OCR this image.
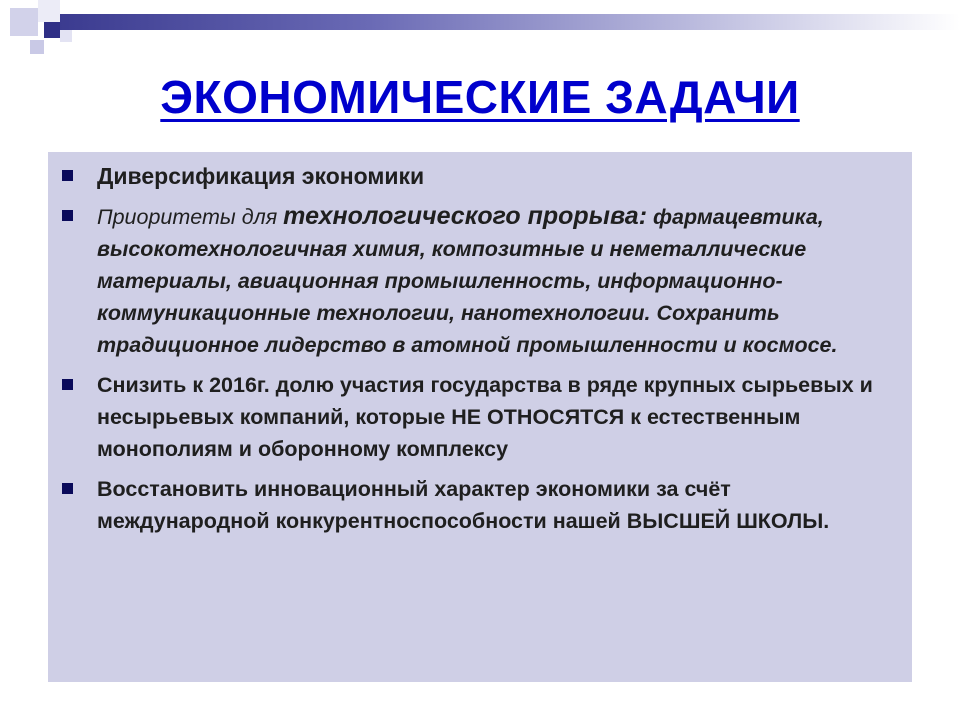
ЭКОНОМИЧЕСКИЕ ЗАДАЧИ
Диверсификация экономики
Приоритеты для технологического прорыва: фармацевтика, высокотехнологичная химия, композитные и неметаллические материалы, авиационная промышленность, информационно-коммуникационные технологии, нанотехнологии. Сохранить традиционное лидерство в атомной промышленности и космосе.
Снизить к 2016г. долю участия государства в ряде крупных сырьевых и несырьевых компаний, которые НЕ ОТНОСЯТСЯ к естественным монополиям и оборонному комплексу
Восстановить инновационный характер экономики за счёт международной конкурентноспособности нашей ВЫСШЕЙ ШКОЛЫ.
